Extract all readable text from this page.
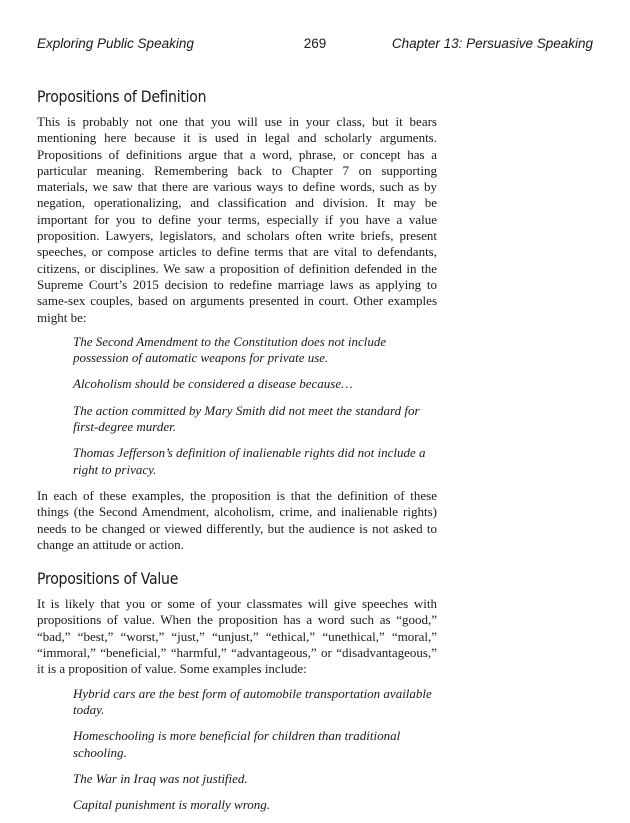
Exploring Public Speaking	269	Chapter 13: Persuasive Speaking
Propositions of Definition

This is probably not one that you will use in your class, but it bears mentioning here because it is used in legal and scholarly arguments. Propositions of definitions argue that a word, phrase, or concept has a particular meaning. Remembering back to Chapter 7 on supporting materials, we saw that there are various ways to define words, such as by negation, operationalizing, and classification and division. It may be important for you to define your terms, especially if you have a value proposition. Lawyers, legislators, and scholars often write briefs, present speeches, or compose articles to define terms that are vital to defendants, citizens, or disciplines. We saw a proposition of definition defended in the Supreme Court’s 2015 decision to redefine marriage laws as applying to same-sex couples, based on arguments presented in court. Other examples might be:

The Second Amendment to the Constitution does not include possession of automatic weapons for private use.

Alcoholism should be considered a disease because…

The action committed by Mary Smith did not meet the standard for first-degree murder.

Thomas Jefferson’s definition of inalienable rights did not include a right to privacy.

In each of these examples, the proposition is that the definition of these things (the Second Amendment, alcoholism, crime, and inalienable rights) needs to be changed or viewed differently, but the audience is not asked to change an attitude or action.

Propositions of Value

It is likely that you or some of your classmates will give speeches with propositions of value. When the proposition has a word such as “good,” “bad,” “best,” “worst,” “just,” “unjust,” “ethical,” “unethical,” “moral,” “immoral,” “beneficial,” “harmful,” “advantageous,” or “disadvantageous,” it is a proposition of value. Some examples include:

Hybrid cars are the best form of automobile transportation available today.

Homeschooling is more beneficial for children than traditional schooling.

The War in Iraq was not justified.

Capital punishment is morally wrong.
